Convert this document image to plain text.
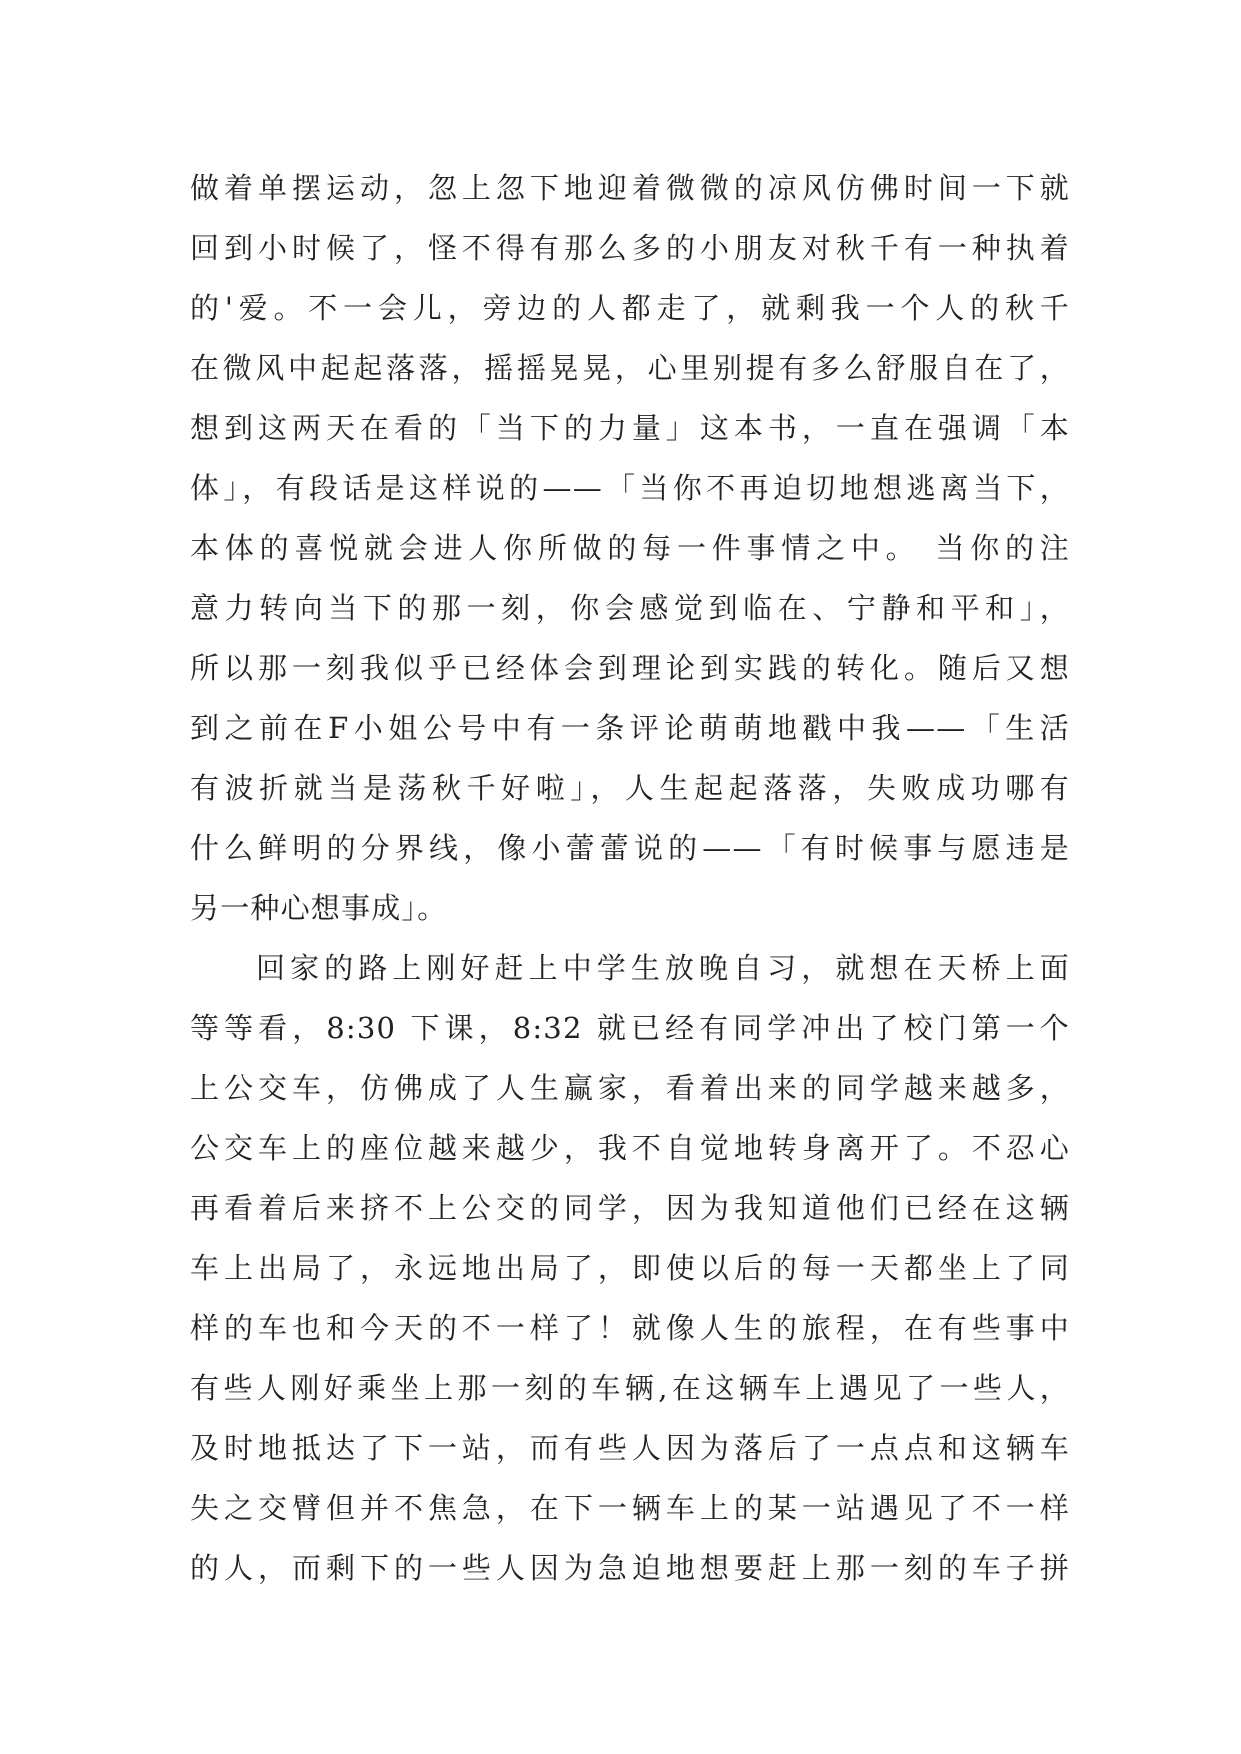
做着单摆运动，忽上忽下地迎着微微的凉风仿佛时间一下就
回到小时候了，怪不得有那么多的小朋友对秋千有一种执着
的'爱。不一会儿，旁边的人都走了，就剩我一个人的秋千
在微风中起起落落，摇摇晃晃，心里别提有多么舒服自在了，
想到这两天在看的「当下的力量」这本书，一直在强调「本
体」，有段话是这样说的——「当你不再迫切地想逃离当下，
本体的喜悦就会进人你所做的每一件事情之中。 当你的注
意力转向当下的那一刻，你会感觉到临在、宁静和平和」，
所以那一刻我似乎已经体会到理论到实践的转化。随后又想
到之前在F小姐公号中有一条评论萌萌地戳中我——「生活
有波折就当是荡秋千好啦」，人生起起落落，失败成功哪有
什么鲜明的分界线，像小蕾蕾说的——「有时候事与愿违是
另一种心想事成」。
回家的路上刚好赶上中学生放晚自习，就想在天桥上面
等等看，8:30 下课，8:32 就已经有同学冲出了校门第一个
上公交车，仿佛成了人生赢家，看着出来的同学越来越多，
公交车上的座位越来越少，我不自觉地转身离开了。不忍心
再看着后来挤不上公交的同学，因为我知道他们已经在这辆
车上出局了，永远地出局了，即使以后的每一天都坐上了同
样的车也和今天的不一样了！就像人生的旅程，在有些事中
有些人刚好乘坐上那一刻的车辆,在这辆车上遇见了一些人，
及时地抵达了下一站，而有些人因为落后了一点点和这辆车
失之交臂但并不焦急，在下一辆车上的某一站遇见了不一样
的人，而剩下的一些人因为急迫地想要赶上那一刻的车子拼
